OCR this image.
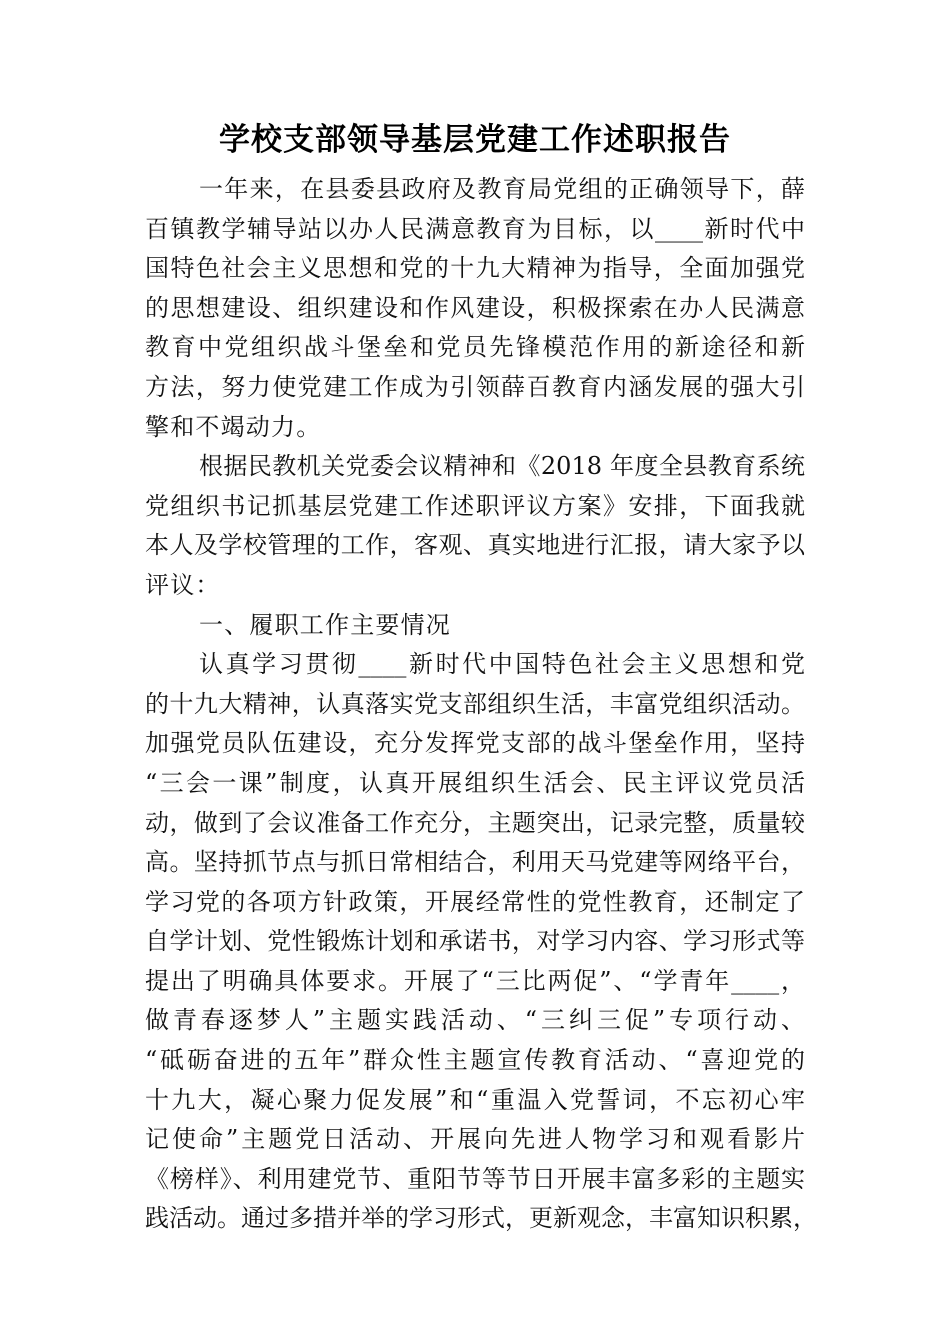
学校支部领导基层党建工作述职报告
一年来，在县委县政府及教育局党组的正确领导下，薛
百镇教学辅导站以办人民满意教育为目标，以____新时代中
国特色社会主义思想和党的十九大精神为指导，全面加强党
的思想建设、组织建设和作风建设，积极探索在办人民满意
教育中党组织战斗堡垒和党员先锋模范作用的新途径和新
方法，努力使党建工作成为引领薛百教育内涵发展的强大引
擎和不竭动力。
根据民教机关党委会议精神和《2018 年度全县教育系统
党组织书记抓基层党建工作述职评议方案》安排，下面我就
本人及学校管理的工作，客观、真实地进行汇报，请大家予以
评议：
一、履职工作主要情况
认真学习贯彻____新时代中国特色社会主义思想和党
的十九大精神，认真落实党支部组织生活，丰富党组织活动。
加强党员队伍建设，充分发挥党支部的战斗堡垒作用，坚持
“三会一课”制度，认真开展组织生活会、民主评议党员活
动，做到了会议准备工作充分，主题突出，记录完整，质量较
高。坚持抓节点与抓日常相结合，利用天马党建等网络平台，
学习党的各项方针政策，开展经常性的党性教育，还制定了
自学计划、党性锻炼计划和承诺书，对学习内容、学习形式等
提出了明确具体要求。开展了“三比两促”、“学青年____，
做青春逐梦人”主题实践活动、“三纠三促”专项行动、
“砥砺奋进的五年”群众性主题宣传教育活动、“喜迎党的
十九大，凝心聚力促发展”和“重温入党誓词，不忘初心牢
记使命”主题党日活动、开展向先进人物学习和观看影片
《榜样》、利用建党节、重阳节等节日开展丰富多彩的主题实
践活动。通过多措并举的学习形式，更新观念，丰富知识积累，
